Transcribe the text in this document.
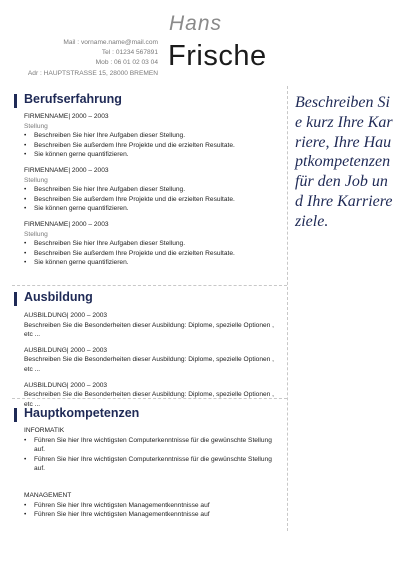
Mail : vorname.name@mail.com
Tel : 01234 567891
Mob : 06 01 02 03 04
Adr : HAUPTSTRASSE 15, 28000 BREMEN
Hans
Frische
Berufserfahrung
FIRMENNAME| 2000 – 2003
Stellung
• Beschreiben Sie hier Ihre Aufgaben dieser Stellung.
• Beschreiben Sie außerdem Ihre Projekte und die erzielten Resultate.
• Sie können gerne quantifizieren.
FIRMENNAME| 2000 – 2003
Stellung
• Beschreiben Sie hier Ihre Aufgaben dieser Stellung.
• Beschreiben Sie außerdem Ihre Projekte und die erzielten Resultate.
• Sie können gerne quantifizieren.
FIRMENNAME| 2000 – 2003
Stellung
• Beschreiben Sie hier Ihre Aufgaben dieser Stellung.
• Beschreiben Sie außerdem Ihre Projekte und die erzielten Resultate.
• Sie können gerne quantifizieren.
Ausbildung
AUSBILDUNG| 2000 – 2003
Beschreiben Sie die Besonderheiten dieser Ausbildung: Diplome, spezielle Optionen , etc ...
AUSBILDUNG| 2000 – 2003
Beschreiben Sie die Besonderheiten dieser Ausbildung: Diplome, spezielle Optionen , etc ...
AUSBILDUNG| 2000 – 2003
Beschreiben Sie die Besonderheiten dieser Ausbildung: Diplome, spezielle Optionen , etc ...
Hauptkompetenzen
INFORMATIK
• Führen Sie hier Ihre wichtigsten Computerkenntnisse für die gewünschte Stellung auf.
• Führen Sie hier Ihre wichtigsten Computerkenntnisse für die gewünschte Stellung auf.
MANAGEMENT
• Führen Sie hier Ihre wichtigsten Managementkenntnisse auf
• Führen Sie hier Ihre wichtigsten Managementkenntnisse auf
Beschreiben Sie kurz Ihre Karriere, Ihre Hauptkompetenzen für den Job und Ihre Karriereziele.
